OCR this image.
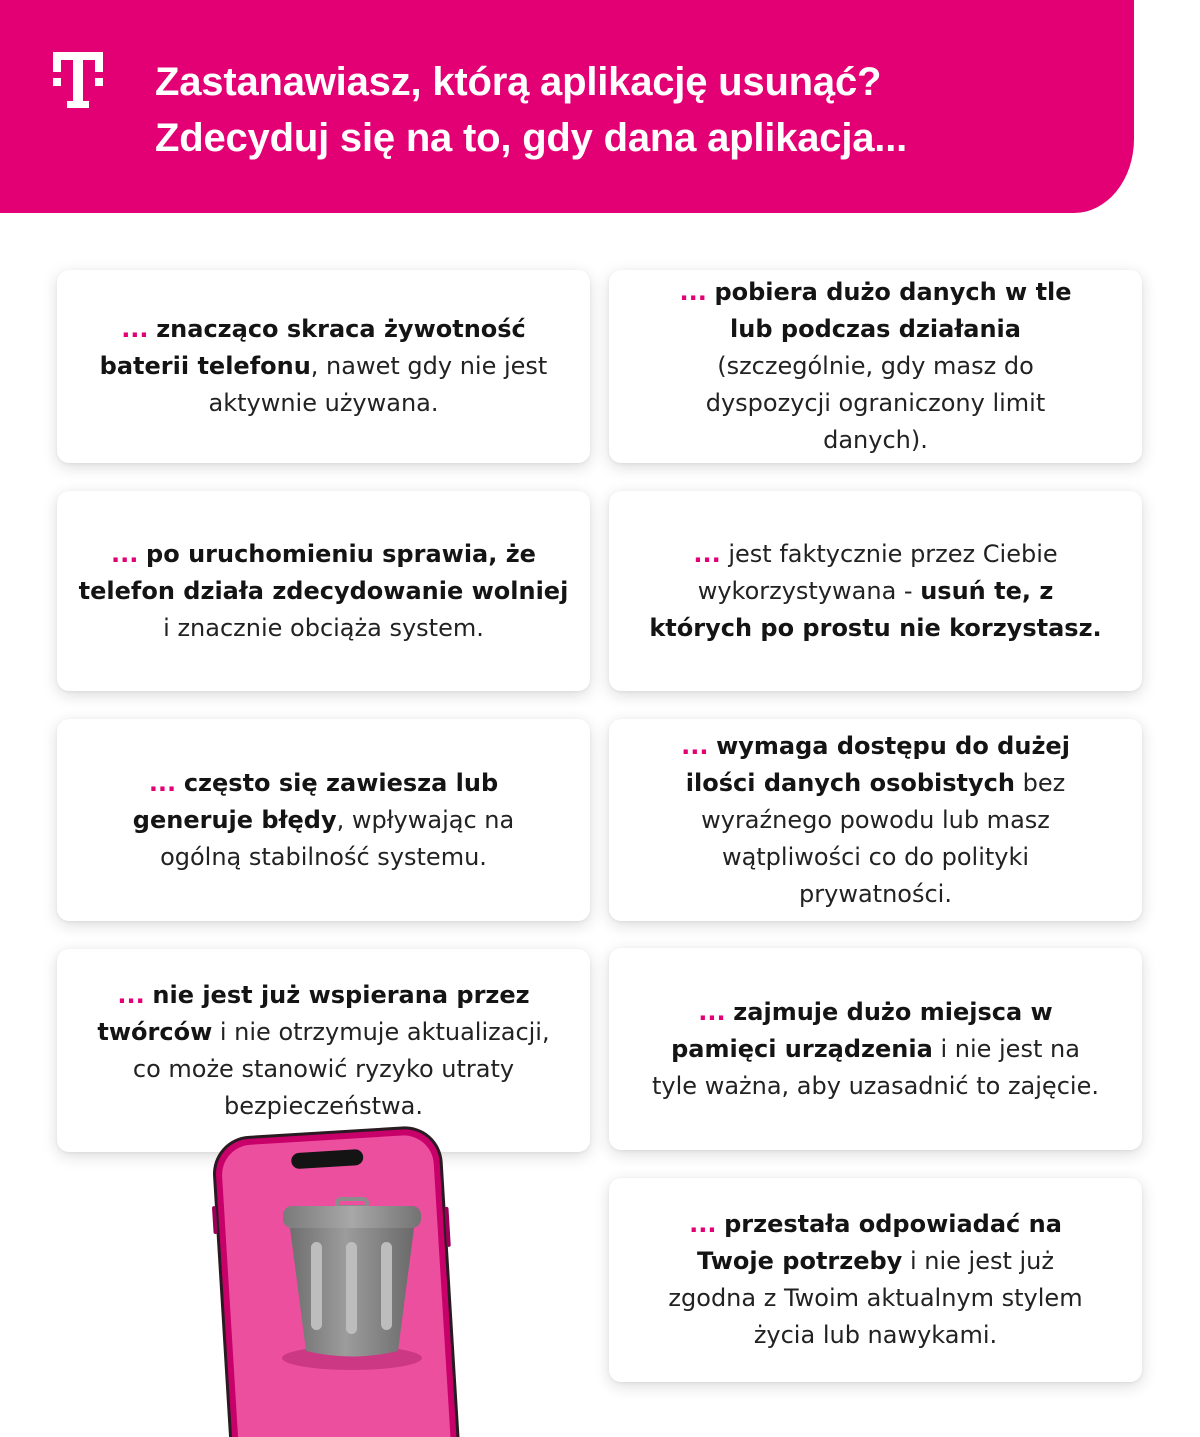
Zastanawiasz, którą aplikację usunąć?
Zdecyduj się na to, gdy dana aplikacja...

... znacząco skraca żywotność baterii telefonu, nawet gdy nie jest aktywnie używana.

... pobiera dużo danych w tle lub podczas działania (szczególnie, gdy masz do dyspozycji ograniczony limit danych).

... po uruchomieniu sprawia, że telefon działa zdecydowanie wolniej i znacznie obciąża system.

... jest faktycznie przez Ciebie wykorzystywana - usuń te, z których po prostu nie korzystasz.

... często się zawiesza lub generuje błędy, wpływając na ogólną stabilność systemu.

... wymaga dostępu do dużej ilości danych osobistych bez wyraźnego powodu lub masz wątpliwości co do polityki prywatności.

... nie jest już wspierana przez twórców i nie otrzymuje aktualizacji, co może stanowić ryzyko utraty bezpieczeństwa.

... zajmuje dużo miejsca w pamięci urządzenia i nie jest na tyle ważna, aby uzasadnić to zajęcie.

... przestała odpowiadać na Twoje potrzeby i nie jest już zgodna z Twoim aktualnym stylem życia lub nawykami.
